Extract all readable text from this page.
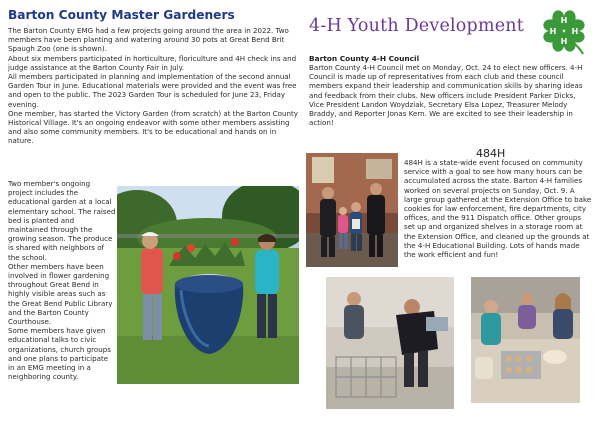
Barton County Master Gardeners

The Barton County EMG had a few projects going around the area in 2022. Two members have been planting and watering around 30 pots at Great Bend Brit Spaugh Zoo (one is shown).

About six members participated in horticulture, floriculture and 4H check ins and judge assistance at the Barton County Fair in July.

All members participated in planning and implementation of the second annual Garden Tour in June. Educational materials were provided and the event was free and open to the public. The 2023 Garden Tour is scheduled for June 23, Friday evening.

One member, has started the Victory Garden (from scratch) at the Barton County Historical Village. It's an ongoing endeavor with some other members assisting and also some community members. It's to be educational and hands on in nature.

Two member's ongoing project includes the educational garden at a local elementary school. The raised bed is planted and maintained through the growing season. The produce is shared with neighbors of the school.

Other members have been involved in flower gardening throughout Great Bend in highly visible areas such as the Great Bend Public Library and the Barton County Courthouse.

Some members have given educational talks to civic organizations, church groups and one plans to participate in an EMG meeting in a neighboring county.

4-H Youth Development	H
H
H H
Barton County 4-H Council
Barton County 4-H Council met on Monday, Oct. 24 to elect new officers. 4-H Council is made up of representatives from each club and these council members expand their leadership and communication skills by sharing ideas and feedback from their clubs. New officers include President Parker Dicks, Vice President Landon Woydziak, Secretary Elsa Lopez, Treasurer Melody Braddy, and Reporter Jonas Kern. We are excited to see their leadership in action!
484H
484H is a state-wide event focused on community service with a goal to see how many hours can be accumulated across the state. Barton 4-H families worked on several projects on Sunday, Oct. 9. A large group gathered at the Extension Office to bake cookies for law enforcement, fire departments, city offices, and the 911 Dispatch office. Other groups set up and organized shelves in a storage room at the Extension Office, and cleaned up the grounds at the 4-H Educational Building. Lots of hands made the work efficient and fun!
